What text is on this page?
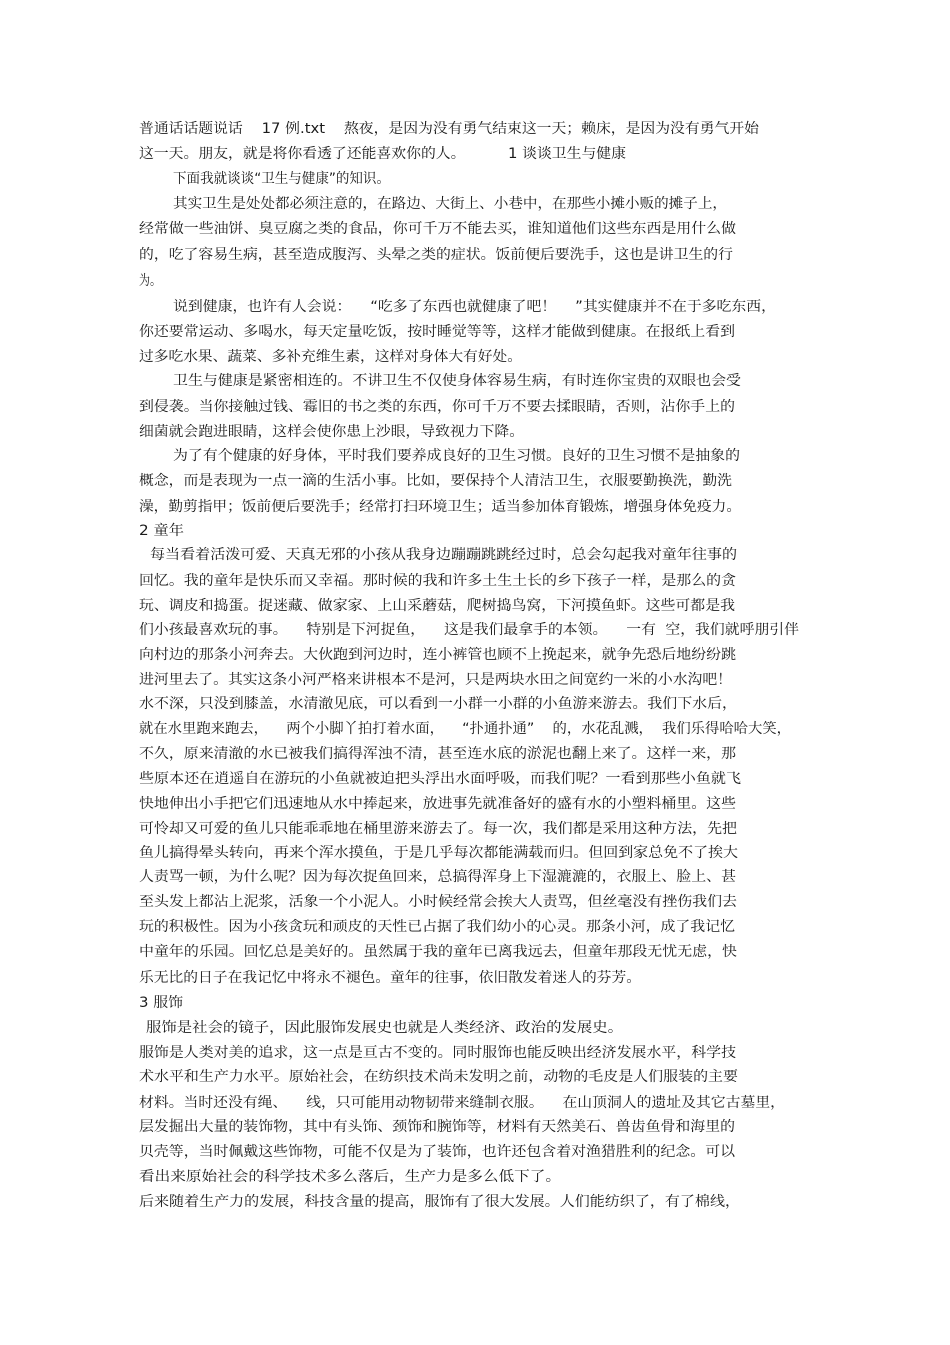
普通话话题说话    17 例.txt    熬夜，是因为没有勇气结束这一天；赖床，是因为没有勇气开始
这一天。朋友，就是将你看透了还能喜欢你的人。         1 谈谈卫生与健康
下面我就谈谈“卫生与健康”的知识。
其实卫生是处处都必须注意的，在路边、大街上、小巷中，在那些小摊小贩的摊子上，
经常做一些油饼、臭豆腐之类的食品，你可千万不能去买，谁知道他们这些东西是用什么做
的，吃了容易生病，甚至造成腹泻、头晕之类的症状。饭前便后要洗手，这也是讲卫生的行
为。
说到健康，也许有人会说：    “吃多了东西也就健康了吧！    ”其实健康并不在于多吃东西，
你还要常运动、多喝水，每天定量吃饭，按时睡觉等等，这样才能做到健康。在报纸上看到
过多吃水果、蔬菜、多补充维生素，这样对身体大有好处。
卫生与健康是紧密相连的。不讲卫生不仅使身体容易生病，有时连你宝贵的双眼也会受
到侵袭。当你接触过钱、霉旧的书之类的东西，你可千万不要去揉眼睛，否则，沾你手上的
细菌就会跑进眼睛，这样会使你患上沙眼，导致视力下降。
为了有个健康的好身体，平时我们要养成良好的卫生习惯。良好的卫生习惯不是抽象的
概念，而是表现为一点一滴的生活小事。比如，要保持个人清洁卫生，衣服要勤换洗，勤洗
澡，勤剪指甲；饭前便后要洗手；经常打扫环境卫生；适当参加体育锻炼，增强身体免疫力。
2 童年
每当看着活泼可爱、天真无邪的小孩从我身边蹦蹦跳跳经过时，总会勾起我对童年往事的
回忆。我的童年是快乐而又幸福。那时候的我和许多土生土长的乡下孩子一样，是那么的贪
玩、调皮和捣蛋。捉迷藏、做家家、上山采蘑菇，爬树捣鸟窝，下河摸鱼虾。这些可都是我
们小孩最喜欢玩的事。    特别是下河捉鱼，    这是我们最拿手的本领。    一有  空，我们就呼朋引伴
向村边的那条小河奔去。大伙跑到河边时，连小裤管也顾不上挽起来，就争先恐后地纷纷跳
进河里去了。其实这条小河严格来讲根本不是河，只是两块水田之间宽约一米的小水沟吧！
水不深，只没到膝盖，水清澈见底，可以看到一小群一小群的小鱼游来游去。我们下水后，
就在水里跑来跑去，    两个小脚丫拍打着水面，    “扑通扑通”    的，水花乱溅，  我们乐得哈哈大笑，
不久，原来清澈的水已被我们搞得浑浊不清，甚至连水底的淤泥也翻上来了。这样一来，那
些原本还在逍遥自在游玩的小鱼就被迫把头浮出水面呼吸，而我们呢？一看到那些小鱼就飞
快地伸出小手把它们迅速地从水中捧起来，放进事先就准备好的盛有水的小塑料桶里。这些
可怜却又可爱的鱼儿只能乖乖地在桶里游来游去了。每一次，我们都是采用这种方法，先把
鱼儿搞得晕头转向，再来个浑水摸鱼，于是几乎每次都能满载而归。但回到家总免不了挨大
人责骂一顿，为什么呢？因为每次捉鱼回来，总搞得浑身上下湿漉漉的，衣服上、脸上、甚
至头发上都沾上泥浆，活象一个小泥人。小时候经常会挨大人责骂，但丝毫没有挫伤我们去
玩的积极性。因为小孩贪玩和顽皮的天性已占据了我们幼小的心灵。那条小河，成了我记忆
中童年的乐园。回忆总是美好的。虽然属于我的童年已离我远去，但童年那段无忧无虑，快
乐无比的日子在我记忆中将永不褪色。童年的往事，依旧散发着迷人的芬芳。
3 服饰
服饰是社会的镜子，因此服饰发展史也就是人类经济、政治的发展史。
服饰是人类对美的追求，这一点是亘古不变的。同时服饰也能反映出经济发展水平，科学技
术水平和生产力水平。原始社会，在纺织技术尚未发明之前，动物的毛皮是人们服装的主要
材料。当时还没有绳、    线，只可能用动物韧带来缝制衣服。    在山顶洞人的遗址及其它古墓里，
层发掘出大量的装饰物，其中有头饰、颈饰和腕饰等，材料有天然美石、兽齿鱼骨和海里的
贝壳等，当时佩戴这些饰物，可能不仅是为了装饰，也许还包含着对渔猎胜利的纪念。可以
看出来原始社会的科学技术多么落后，生产力是多么低下了。
后来随着生产力的发展，科技含量的提高，服饰有了很大发展。人们能纺织了，有了棉线，
